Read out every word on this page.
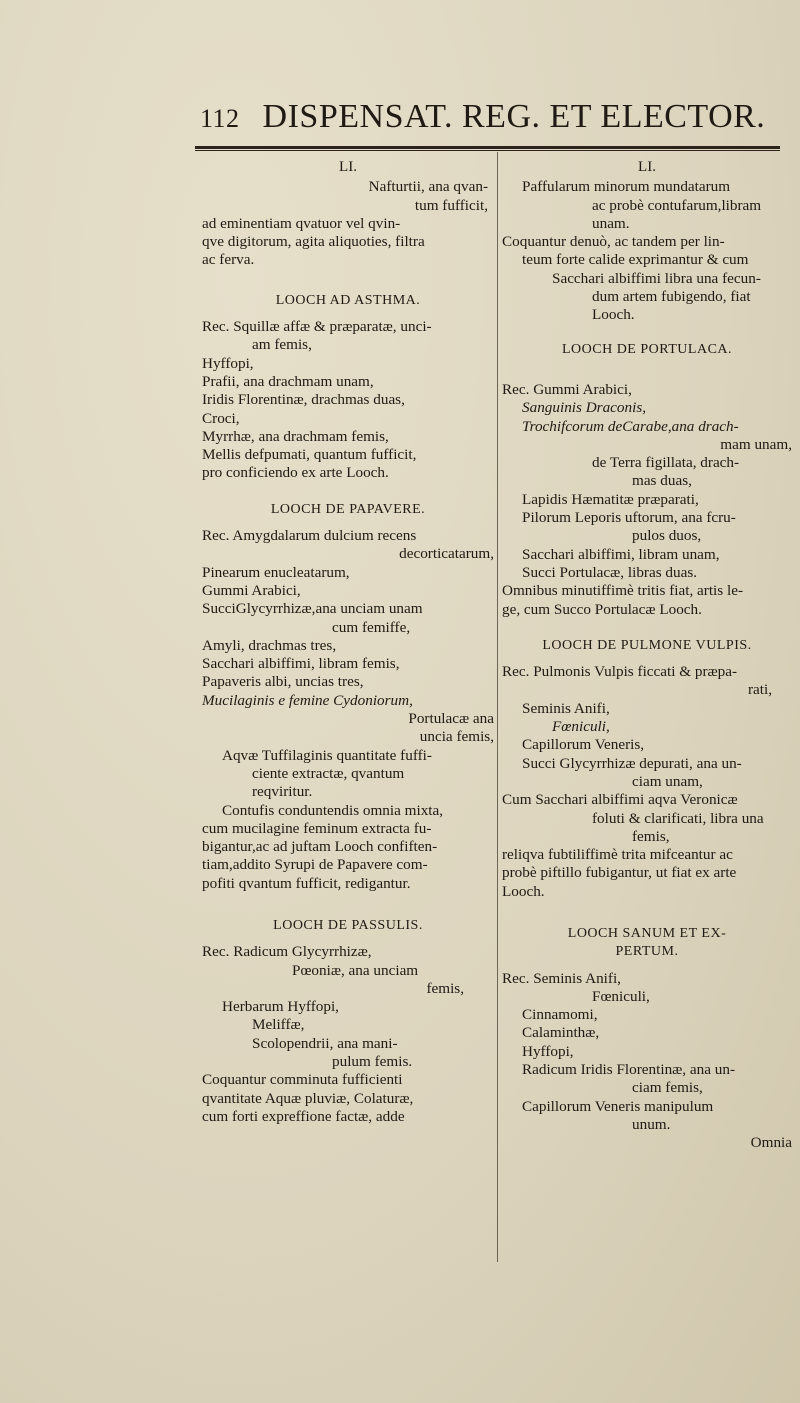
112 DISPENSAT. REG. ET ELECTOR.
LI.
Nafturtii, ana qvan-
tum fufficit,
ad eminentiam qvatuor vel qvin-
qve digitorum, agita aliquoties, filtra
ac ferva.
LOOCH AD ASTHMA.
Rec. Squillæ affæ & præparatæ, unci-
am femis,
Hyffopi,
Prafii, ana drachmam unam,
Iridis Florentinæ, drachmas duas,
Croci,
Myrrhæ, ana drachmam femis,
Mellis defpumati, quantum fufficit,
pro conficiendo ex arte Looch.
LOOCH DE PAPAVERE.
Rec. Amygdalarum dulcium recens
decorticatarum,
Pinearum enucleatarum,
Gummi Arabici,
SucciGlycyrrhizæ,ana unciam unam
cum femiffe,
Amyli, drachmas tres,
Sacchari albiffimi, libram femis,
Papaveris albi, uncias tres,
Mucilaginis e femine Cydoniorum,
Portulacæ ana
uncia femis,
Aqvæ Tuffilaginis quantitate fuffi-
ciente extractæ, qvantum
reqviritur.
Contufis conduntendis omnia mixta,
cum mucilagine feminum extracta fu-
bigantur,ac ad juftam Looch confiften-
tiam,addito Syrupi de Papavere com-
pofiti qvantum fufficit, redigantur.
LOOCH DE PASSULIS.
Rec. Radicum Glycyrrhizæ,
Pœoniæ, ana unciam
femis,
Herbarum Hyffopi,
Meliffæ,
Scolopendrii, ana mani-
pulum femis.
Coquantur comminuta fufficienti
qvantitate Aquæ pluviæ, Colaturæ,
cum forti expreffione factæ, adde
LI.
Paffularum minorum mundatarum
ac probè contufarum,libram
unam.
Coquantur denuò, ac tandem per lin-
teum forte calide exprimantur & cum
Sacchari albiffimi libra una fecun-
dum artem fubigendo, fiat
Looch.
LOOCH DE PORTULACA.
Rec. Gummi Arabici,
Sanguinis Draconis,
Trochifcorum deCarabe,ana drach-
mam unam,
de Terra figillata, drach-
mas duas,
Lapidis Hæmatitæ præparati,
Pilorum Leporis uftorum, ana fcru-
pulos duos,
Sacchari albiffimi, libram unam,
Succi Portulacæ, libras duas.
Omnibus minutiffimè tritis fiat, artis le-
ge, cum Succo Portulacæ Looch.
LOOCH DE PULMONE VULPIS.
Rec. Pulmonis Vulpis ficcati & præpa-
rati,
Seminis Anifi,
Fœniculi,
Capillorum Veneris,
Succi Glycyrrhizæ depurati, ana un-
ciam unam,
Cum Sacchari albiffimi aqva Veronicæ
foluti & clarificati, libra una
femis,
reliqva fubtiliffimè trita mifceantur ac
probè piftillo fubigantur, ut fiat ex arte
Looch.
LOOCH SANUM ET EX-
PERTUM.
Rec. Seminis Anifi,
Fœniculi,
Cinnamomi,
Calaminthæ,
Hyffopi,
Radicum Iridis Florentinæ, ana un-
ciam femis,
Capillorum Veneris manipulum
unum.
Omnia
